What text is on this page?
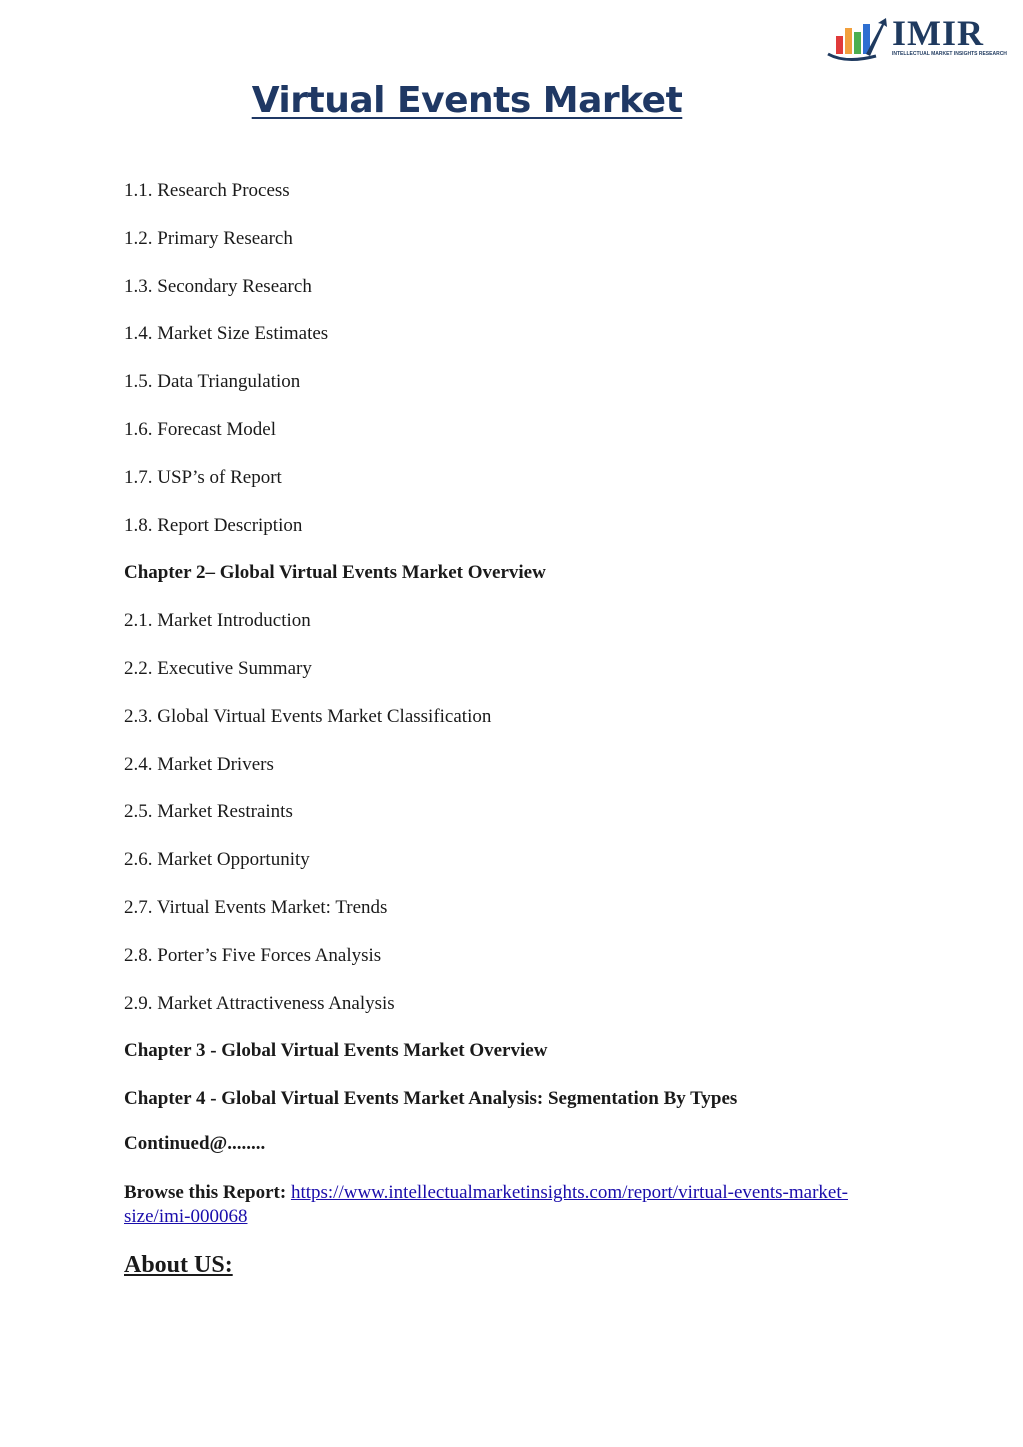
IMIR
INTELLECTUAL MARKET INSIGHTS RESEARCH
Virtual Events Market
1.1. Research Process
1.2. Primary Research
1.3. Secondary Research
1.4. Market Size Estimates
1.5. Data Triangulation
1.6. Forecast Model
1.7. USP’s of Report
1.8. Report Description
Chapter 2– Global Virtual Events Market Overview
2.1. Market Introduction
2.2. Executive Summary
2.3. Global Virtual Events Market Classification
2.4. Market Drivers
2.5. Market Restraints
2.6. Market Opportunity
2.7. Virtual Events Market: Trends
2.8. Porter’s Five Forces Analysis
2.9. Market Attractiveness Analysis
Chapter 3 - Global Virtual Events Market Overview
Chapter 4 - Global Virtual Events Market Analysis: Segmentation By Types

Continued@........

Browse this Report: https://www.intellectualmarketinsights.com/report/virtual-events-market-size/imi-000068

About US:
